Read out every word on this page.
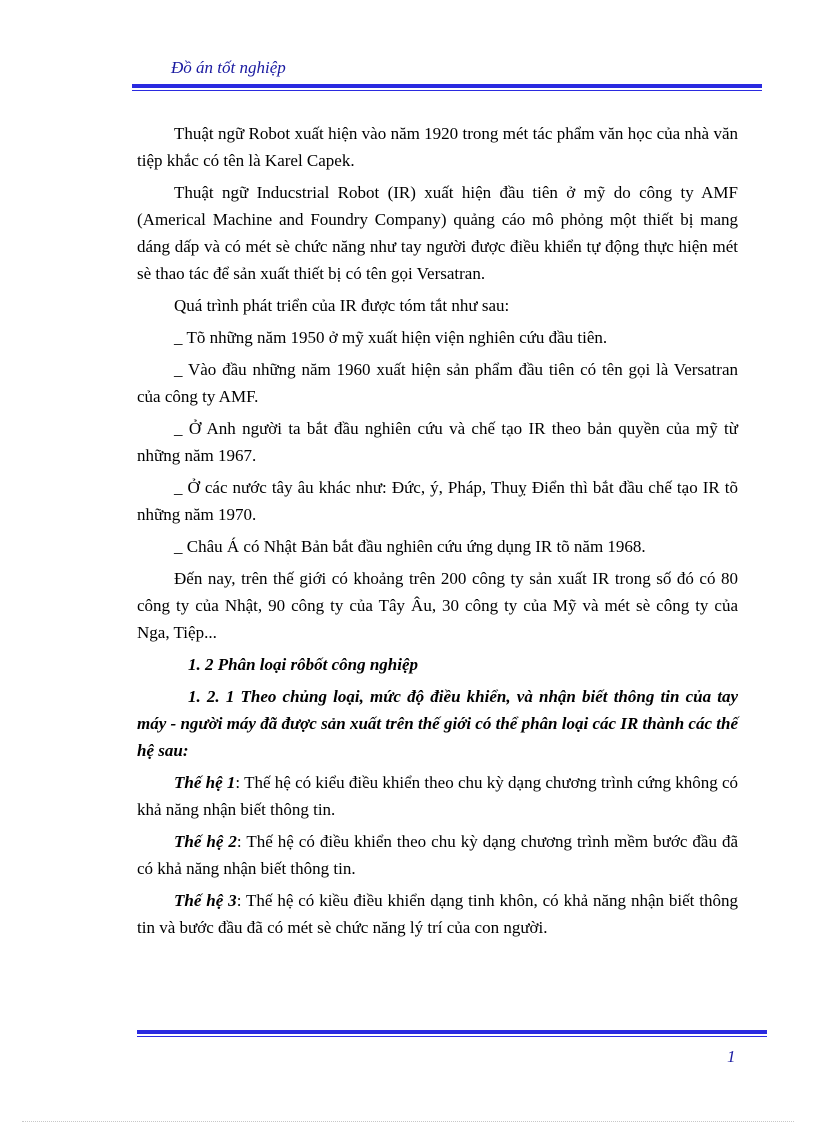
Đồ án tốt nghiệp

Thuật ngữ Robot xuất hiện vào năm 1920 trong mét tác phẩm văn học của nhà văn tiệp khắc có tên là Karel Capek.

Thuật ngữ Inducstrial Robot (IR) xuất hiện đầu tiên ở mỹ do công ty AMF (Americal Machine and Foundry Company) quảng cáo mô phỏng một thiết bị mang dáng dấp và có mét sè chức năng như tay người được điều khiển tự động thực hiện mét sè thao tác để sản xuất thiết bị có tên gọi Versatran.

Quá trình phát triển của IR được tóm tắt như sau:

_ Tõ những năm 1950 ở mỹ xuất hiện viện nghiên cứu đầu tiên.

_ Vào đầu những năm 1960 xuất hiện sản phẩm đầu tiên có tên gọi là Versatran của công ty AMF.

_ Ở Anh người ta bắt đầu nghiên cứu và chế tạo IR theo bản quyền của mỹ từ những năm 1967.

_ Ở các nước tây âu khác như: Đức, ý, Pháp, Thuỵ Điển thì bắt đầu chế tạo IR tõ những năm 1970.

_ Châu Á có Nhật Bản bắt đầu nghiên cứu ứng dụng IR tõ năm 1968.

Đến nay, trên thế giới có khoảng trên 200 công ty sản xuất IR trong số đó có 80 công ty của Nhật, 90 công ty của Tây Âu, 30 công ty của Mỹ và mét sè công ty của Nga, Tiệp...

1. 2 Phân loại rôbốt công nghiệp

1. 2. 1 Theo chủng loại, mức độ điều khiển, và nhận biết thông tin của tay máy - người máy đã được sản xuất trên thế giới có thể phân loại các IR thành các thế hệ sau:

Thế hệ 1: Thế hệ có kiểu điều khiển theo chu kỳ dạng chương trình cứng không có khả năng nhận biết thông tin.

Thế hệ 2: Thế hệ có điều khiển theo chu kỳ dạng chương trình mềm bước đầu đã có khả năng nhận biết thông tin.

Thế hệ 3: Thế hệ có kiều điều khiển dạng tinh khôn, có khả năng nhận biết thông tin và bước đầu đã có mét sè chức năng lý trí của con người.

1
